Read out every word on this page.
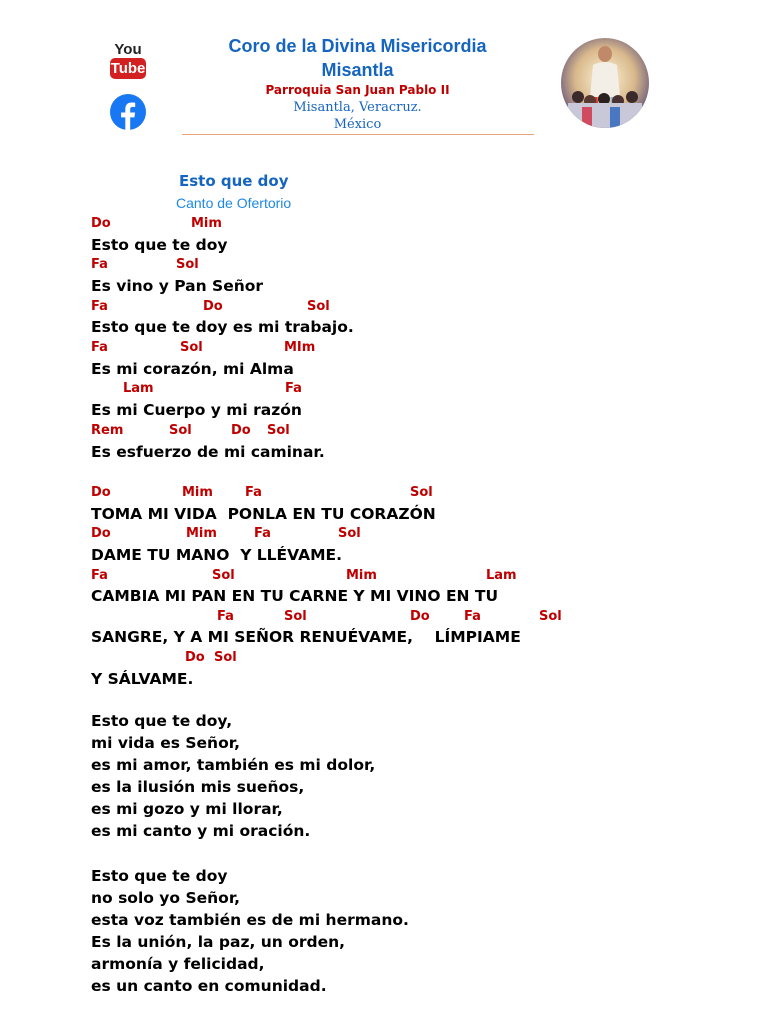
You
Tube
Coro de la Divina Misericordia
Misantla
Parroquia San Juan Pablo II
Misantla, Veracruz.
México
Esto que doy
Canto de Ofertorio
Do	Mim
Esto que te doy
Fa	Sol
Es vino y Pan Señor
Fa	Do	Sol
Esto que te doy es mi trabajo.
Fa	Sol	MIm
Es mi corazón, mi Alma
Lam	Fa
Es mi Cuerpo y mi razón
Rem	Sol	Do Sol
Es esfuerzo de mi caminar.
Do	Mim Fa	Sol
TOMA MI VIDA  PONLA EN TU CORAZÓN
Do	Mim	Fa	Sol
DAME TU MANO  Y LLÉVAME.
Fa	Sol	Mim	Lam
CAMBIA MI PAN EN TU CARNE Y MI VINO EN TU
Fa	Sol	Do	Fa	Sol
SANGRE, Y A MI SEÑOR RENUÉVAME,    LÍMPIAME
Do Sol
Y SÁLVAME.
Esto que te doy,
mi vida es Señor,
es mi amor, también es mi dolor,
es la ilusión mis sueños,
es mi gozo y mi llorar,
es mi canto y mi oración.
Esto que te doy
no solo yo Señor,
esta voz también es de mi hermano.
Es la unión, la paz, un orden,
armonía y felicidad,
es un canto en comunidad.
